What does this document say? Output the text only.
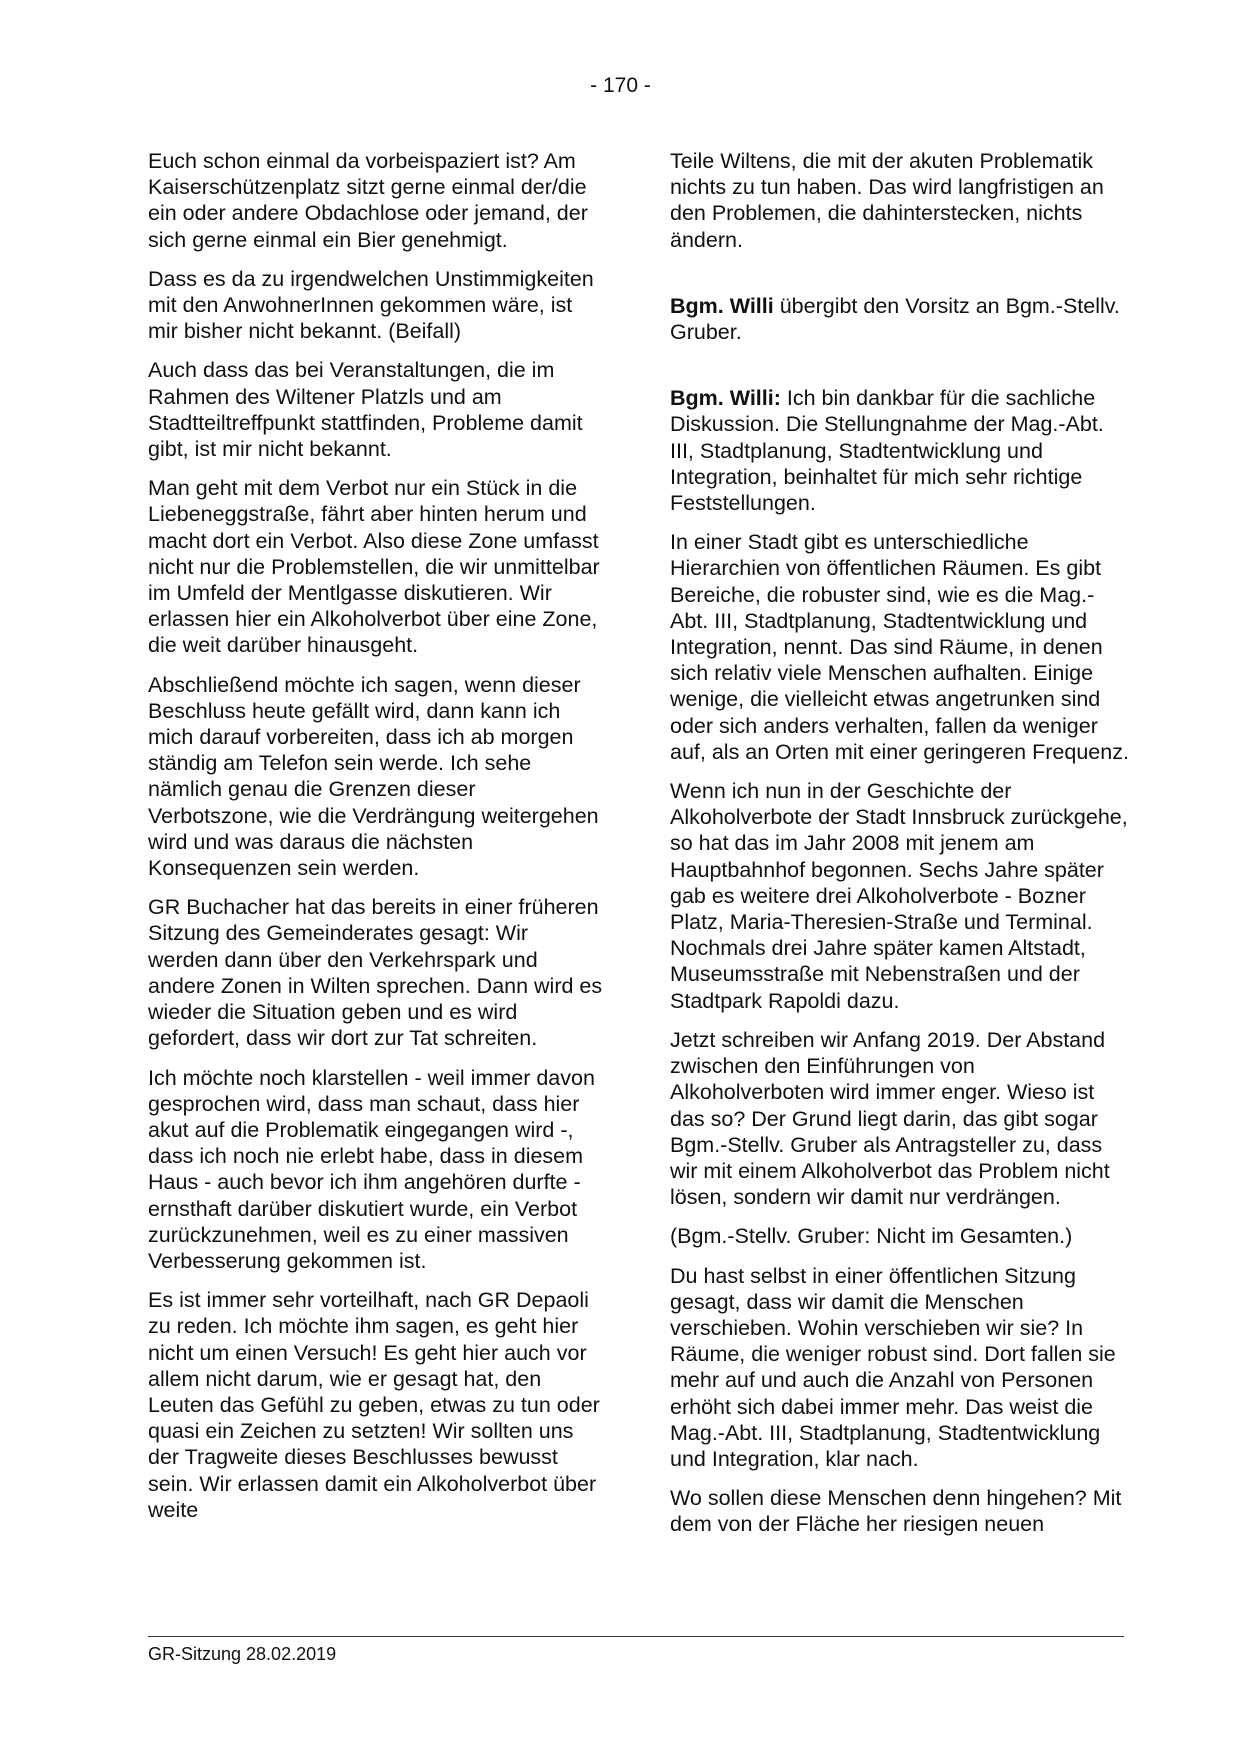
- 170 -

Euch schon einmal da vorbeispaziert ist? Am Kaiserschützenplatz sitzt gerne einmal der/die ein oder andere Obdachlose oder jemand, der sich gerne einmal ein Bier genehmigt.

Dass es da zu irgendwelchen Unstimmigkeiten mit den AnwohnerInnen gekommen wäre, ist mir bisher nicht bekannt. (Beifall)

Auch dass das bei Veranstaltungen, die im Rahmen des Wiltener Platzls und am Stadtteiltreffpunkt stattfinden, Probleme damit gibt, ist mir nicht bekannt.

Man geht mit dem Verbot nur ein Stück in die Liebeneggstraße, fährt aber hinten herum und macht dort ein Verbot. Also diese Zone umfasst nicht nur die Problemstellen, die wir unmittelbar im Umfeld der Mentlgasse diskutieren. Wir erlassen hier ein Alkoholverbot über eine Zone, die weit darüber hinausgeht.

Abschließend möchte ich sagen, wenn dieser Beschluss heute gefällt wird, dann kann ich mich darauf vorbereiten, dass ich ab morgen ständig am Telefon sein werde. Ich sehe nämlich genau die Grenzen dieser Verbotszone, wie die Verdrängung weitergehen wird und was daraus die nächsten Konsequenzen sein werden.

GR Buchacher hat das bereits in einer früheren Sitzung des Gemeinderates gesagt: Wir werden dann über den Verkehrspark und andere Zonen in Wilten sprechen. Dann wird es wieder die Situation geben und es wird gefordert, dass wir dort zur Tat schreiten.

Ich möchte noch klarstellen - weil immer davon gesprochen wird, dass man schaut, dass hier akut auf die Problematik eingegangen wird -, dass ich noch nie erlebt habe, dass in diesem Haus - auch bevor ich ihm angehören durfte - ernsthaft darüber diskutiert wurde, ein Verbot zurückzunehmen, weil es zu einer massiven Verbesserung gekommen ist.

Es ist immer sehr vorteilhaft, nach GR Depaoli zu reden. Ich möchte ihm sagen, es geht hier nicht um einen Versuch! Es geht hier auch vor allem nicht darum, wie er gesagt hat, den Leuten das Gefühl zu geben, etwas zu tun oder quasi ein Zeichen zu setzten! Wir sollten uns der Tragweite dieses Beschlusses bewusst sein. Wir erlassen damit ein Alkoholverbot über weite

Teile Wiltens, die mit der akuten Problematik nichts zu tun haben. Das wird langfristigen an den Problemen, die dahinterstecken, nichts ändern.

Bgm. Willi übergibt den Vorsitz an Bgm.-Stellv. Gruber.

Bgm. Willi: Ich bin dankbar für die sachliche Diskussion. Die Stellungnahme der Mag.-Abt. III, Stadtplanung, Stadtentwicklung und Integration, beinhaltet für mich sehr richtige Feststellungen.

In einer Stadt gibt es unterschiedliche Hierarchien von öffentlichen Räumen. Es gibt Bereiche, die robuster sind, wie es die Mag.-Abt. III, Stadtplanung, Stadtentwicklung und Integration, nennt. Das sind Räume, in denen sich relativ viele Menschen aufhalten. Einige wenige, die vielleicht etwas angetrunken sind oder sich anders verhalten, fallen da weniger auf, als an Orten mit einer geringeren Frequenz.

Wenn ich nun in der Geschichte der Alkoholverbote der Stadt Innsbruck zurückgehe, so hat das im Jahr 2008 mit jenem am Hauptbahnhof begonnen. Sechs Jahre später gab es weitere drei Alkoholverbote - Bozner Platz, Maria-Theresien-Straße und Terminal. Nochmals drei Jahre später kamen Altstadt, Museumsstraße mit Nebenstraßen und der Stadtpark Rapoldi dazu.

Jetzt schreiben wir Anfang 2019. Der Abstand zwischen den Einführungen von Alkoholverboten wird immer enger. Wieso ist das so? Der Grund liegt darin, das gibt sogar Bgm.-Stellv. Gruber als Antragsteller zu, dass wir mit einem Alkoholverbot das Problem nicht lösen, sondern wir damit nur verdrängen.

(Bgm.-Stellv. Gruber: Nicht im Gesamten.)

Du hast selbst in einer öffentlichen Sitzung gesagt, dass wir damit die Menschen verschieben. Wohin verschieben wir sie? In Räume, die weniger robust sind. Dort fallen sie mehr auf und auch die Anzahl von Personen erhöht sich dabei immer mehr. Das weist die Mag.-Abt. III, Stadtplanung, Stadtentwicklung und Integration, klar nach.

Wo sollen diese Menschen denn hingehen? Mit dem von der Fläche her riesigen neuen

GR-Sitzung 28.02.2019
